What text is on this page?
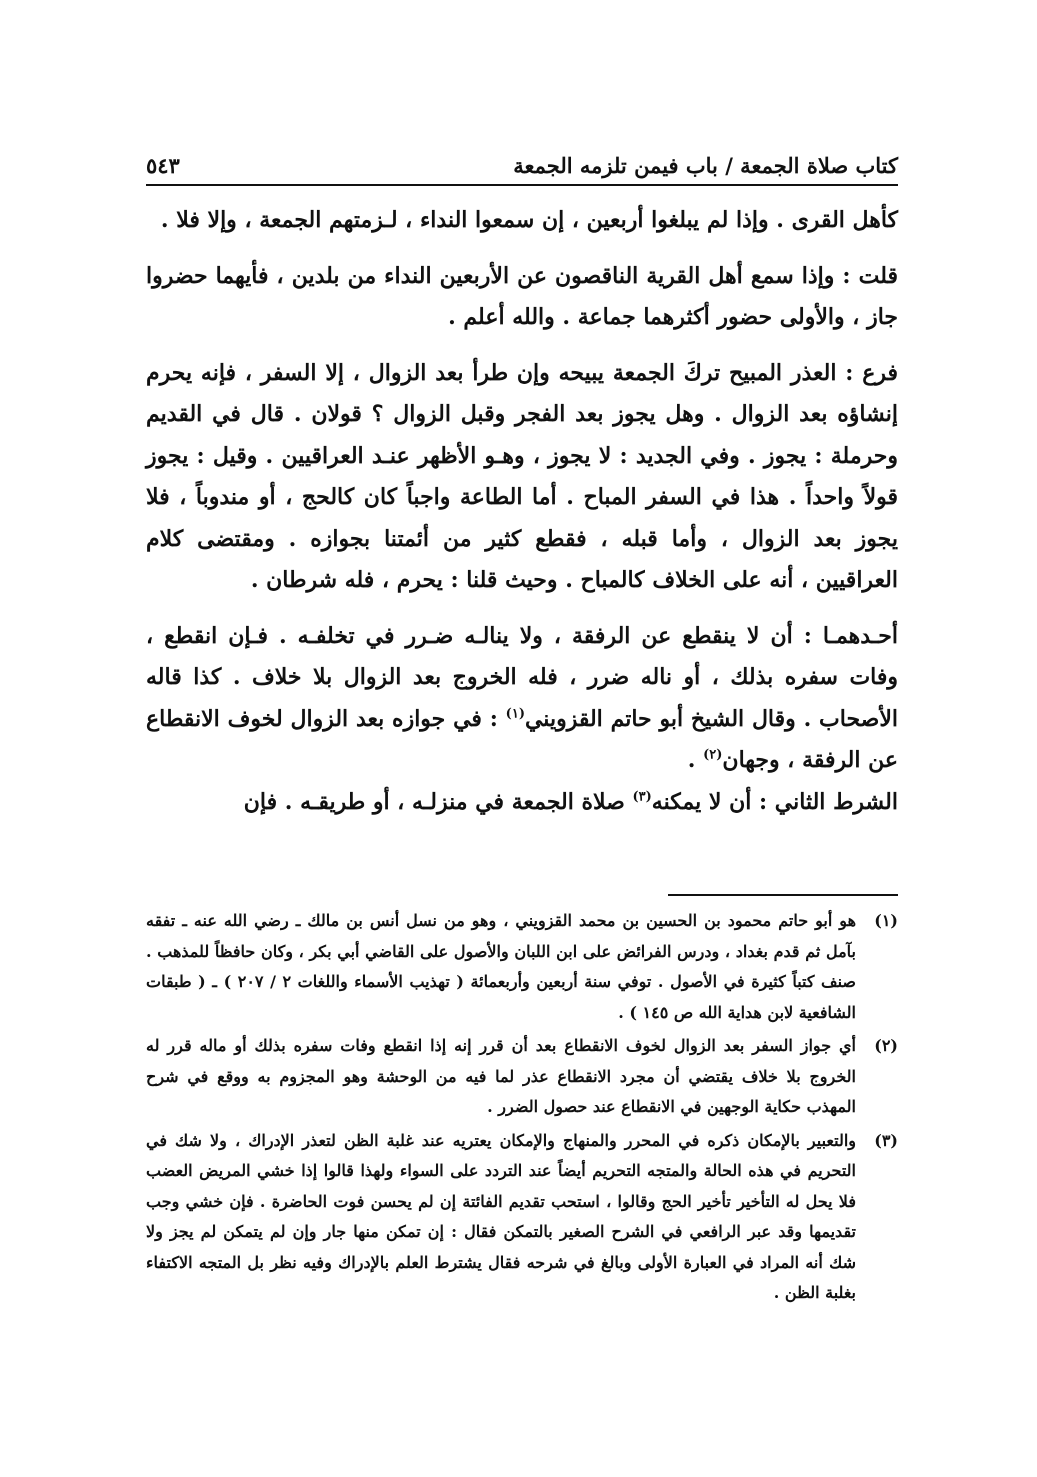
كتاب صلاة الجمعة / باب فيمن تلزمه الجمعة
٥٤٣

كأهل القرى . وإذا لم يبلغوا أربعين ، إن سمعوا النداء ، لـزمتهم الجمعة ، وإلا فلا .

قلت : وإذا سمع أهل القرية الناقصون عن الأربعين النداء من بلدين ، فأيهما حضروا جاز ، والأولى حضور أكثرهما جماعة . والله أعلم .

فرع : العذر المبيح تركَ الجمعة يبيحه وإن طرأ بعد الزوال ، إلا السفر ، فإنه يحرم إنشاؤه بعد الزوال . وهل يجوز بعد الفجر وقبل الزوال ؟ قولان . قال في القديم وحرملة : يجوز . وفي الجديد : لا يجوز ، وهـو الأظهر عنـد العراقيين . وقيل : يجوز قولاً واحداً . هذا في السفر المباح . أما الطاعة واجباً كان كالحج ، أو مندوباً ، فلا يجوز بعد الزوال ، وأما قبله ، فقطع كثير من أئمتنا بجوازه . ومقتضى كلام العراقيين ، أنه على الخلاف كالمباح . وحيث قلنا : يحرم ، فله شرطان .

أحـدهمـا : أن لا ينقطع عن الرفقة ، ولا ينالـه ضـرر في تخلفـه . فـإن انقطع ، وفات سفره بذلك ، أو ناله ضرر ، فله الخروج بعد الزوال بلا خلاف . كذا قاله الأصحاب . وقال الشيخ أبو حاتم القزويني$^{(١)}$ : في جوازه بعد الزوال لخوف الانقطاع عن الرفقة ، وجهان$^{(٢)}$ .

الشرط الثاني : أن لا يمكنه$^{(٣)}$ صلاة الجمعة في منزلـه ، أو طريقـه . فإن

(١)
هو أبو حاتم محمود بن الحسين بن محمد القزويني ، وهو من نسل أنس بن مالك ـ رضي الله عنه ـ تفقه بآمل ثم قدم بغداد ، ودرس الفرائض على ابن اللبان والأصول على القاضي أبي بكر ، وكان حافظاً للمذهب . صنف كتباً كثيرة في الأصول . توفي سنة أربعين وأربعمائة ( تهذيب الأسماء واللغات ٢ / ٢٠٧ ) ـ ( طبقات الشافعية لابن هداية الله ص ١٤٥ ) .
(٢)
أي جواز السفر بعد الزوال لخوف الانقطاع بعد أن قرر إنه إذا انقطع وفات سفره بذلك أو ماله قرر له الخروج بلا خلاف يقتضي أن مجرد الانقطاع عذر لما فيه من الوحشة وهو المجزوم به ووقع في شرح المهذب حكاية الوجهين في الانقطاع عند حصول الضرر .
(٣)
والتعبير بالإمكان ذكره في المحرر والمنهاج والإمكان يعتريه عند غلبة الظن لتعذر الإدراك ، ولا شك في التحريم في هذه الحالة والمتجه التحريم أيضاً عند التردد على السواء ولهذا قالوا إذا خشي المريض العضب فلا يحل له التأخير تأخير الحج وقالوا ، استحب تقديم الفائتة إن لم يحسن فوت الحاضرة . فإن خشي وجب تقديمها وقد عبر الرافعي في الشرح الصغير بالتمكن فقال : إن تمكن منها جار وإن لم يتمكن لم يجز ولا شك أنه المراد في العبارة الأولى وبالغ في شرحه فقال يشترط العلم بالإدراك وفيه نظر بل المتجه الاكتفاء بغلبة الظن .
